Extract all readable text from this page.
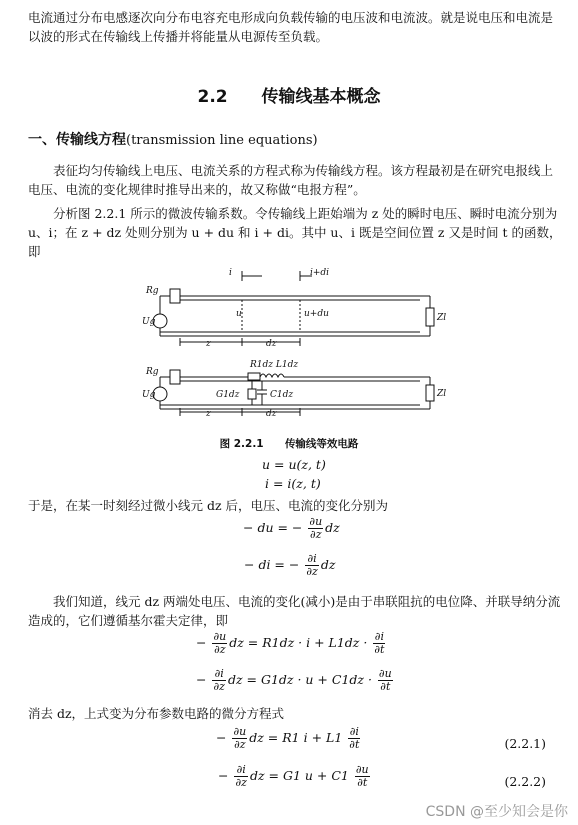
电流通过分布电感逐次向分布电容充电形成向负载传输的电压波和电流波。就是说电压和电流是以波的形式在传输线上传播并将能量从电源传至负载。
2.2 传输线基本概念
一、传输线方程(transmission line equations)
表征均匀传输线上电压、电流关系的方程式称为传输线方程。该方程最初是在研究电报线上电压、电流的变化规律时推导出来的，故又称做“电报方程”。
分析图 2.2.1 所示的微波传输系数。令传输线上距始端为 z 处的瞬时电压、瞬时电流分别为 u、i；在 z + dz 处则分别为 u + du 和 i + di。其中 u、i 既是空间位置 z 又是时间 t 的函数，即
i	i+di
Rg
Ug
u	u+du	Zl
z	dz
R1dz L1dz
Rg
Ug	G1dz	C1dz	Zl
z	dz
图 2.2.1 传输线等效电路
u = u(z, t)
i = i(z, t)
于是，在某一时刻经过微小线元 dz 后，电压、电流的变化分别为
− du = − $\frac{\partial u}{\partial z}$ dz
− di = − $\frac{\partial i}{\partial z}$ dz
我们知道，线元 dz 两端处电压、电流的变化(减小)是由于串联阻抗的电位降、并联导纳分流造成的，它们遵循基尔霍夫定律，即
− $\frac{\partial u}{\partial z}$ dz = $R1dz \cdot i + L1dz \cdot \frac{\partial i}{\partial t}$
− $\frac{\partial i}{\partial z}$ dz = $G1dz \cdot u + C1dz \cdot \frac{\partial u}{\partial t}$
消去 dz，上式变为分布参数电路的微分方程式
− $\frac{\partial u}{\partial z}$ dz = R1 $i + L1 \frac{\partial i}{\partial t}$	(2.2.1)
− $\frac{\partial i}{\partial z}$ dz = G1 $u + C1 \frac{\partial u}{\partial t}$	(2.2.2)
CSDN @至少知会是你
